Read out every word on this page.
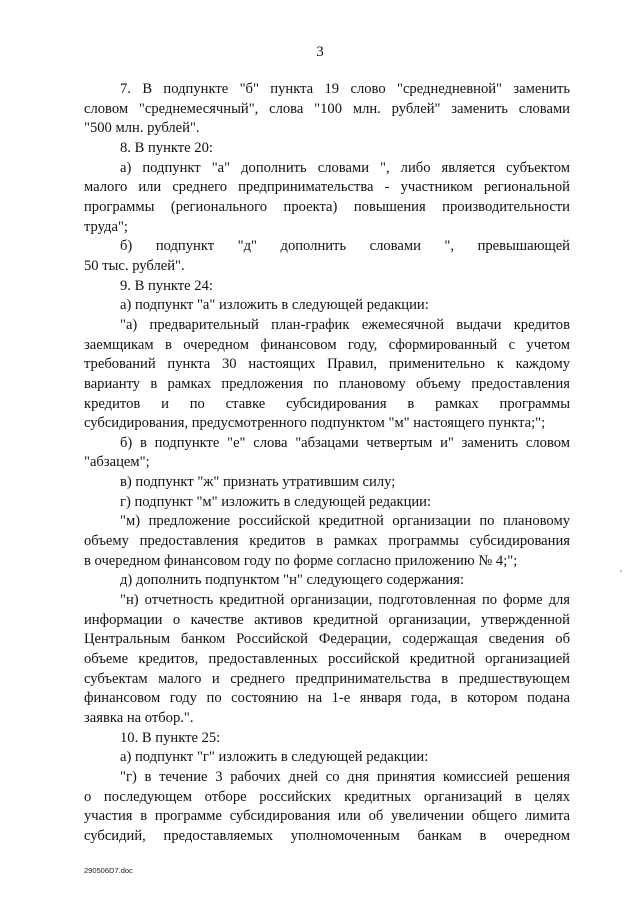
3
7. В подпункте "б" пункта 19 слово "среднедневной" заменить
словом "среднемесячный", слова "100 млн. рублей" заменить словами
"500 млн. рублей".
8. В пункте 20:
а) подпункт "а" дополнить словами ", либо является субъектом
малого или среднего предпринимательства - участником региональной
программы (регионального проекта) повышения производительности
труда";
б) подпункт "д" дополнить словами ", превышающей
50 тыс. рублей".
9. В пункте 24:
а) подпункт "а" изложить в следующей редакции:
"а) предварительный план-график ежемесячной выдачи кредитов
заемщикам в очередном финансовом году, сформированный с учетом
требований пункта 30 настоящих Правил, применительно к каждому
варианту в рамках предложения по плановому объему предоставления
кредитов и по ставке субсидирования в рамках программы
субсидирования, предусмотренного подпунктом "м" настоящего пункта;";
б) в подпункте "е" слова "абзацами четвертым и" заменить словом
"абзацем";
в) подпункт "ж" признать утратившим силу;
г) подпункт "м" изложить в следующей редакции:
"м) предложение российской кредитной организации по плановому
объему предоставления кредитов в рамках программы субсидирования
в очередном финансовом году по форме согласно приложению № 4;";
д) дополнить подпунктом "н" следующего содержания:
"н) отчетность кредитной организации, подготовленная по форме для
информации о качестве активов кредитной организации, утвержденной
Центральным банком Российской Федерации, содержащая сведения об
объеме кредитов, предоставленных российской кредитной организацией
субъектам малого и среднего предпринимательства в предшествующем
финансовом году по состоянию на 1-е января года, в котором подана
заявка на отбор.".
10. В пункте 25:
а) подпункт "г" изложить в следующей редакции:
"г) в течение 3 рабочих дней со дня принятия комиссией решения
о последующем отборе российских кредитных организаций в целях
участия в программе субсидирования или об увеличении общего лимита
субсидий, предоставляемых уполномоченным банкам в очередном
290506D7.doc
